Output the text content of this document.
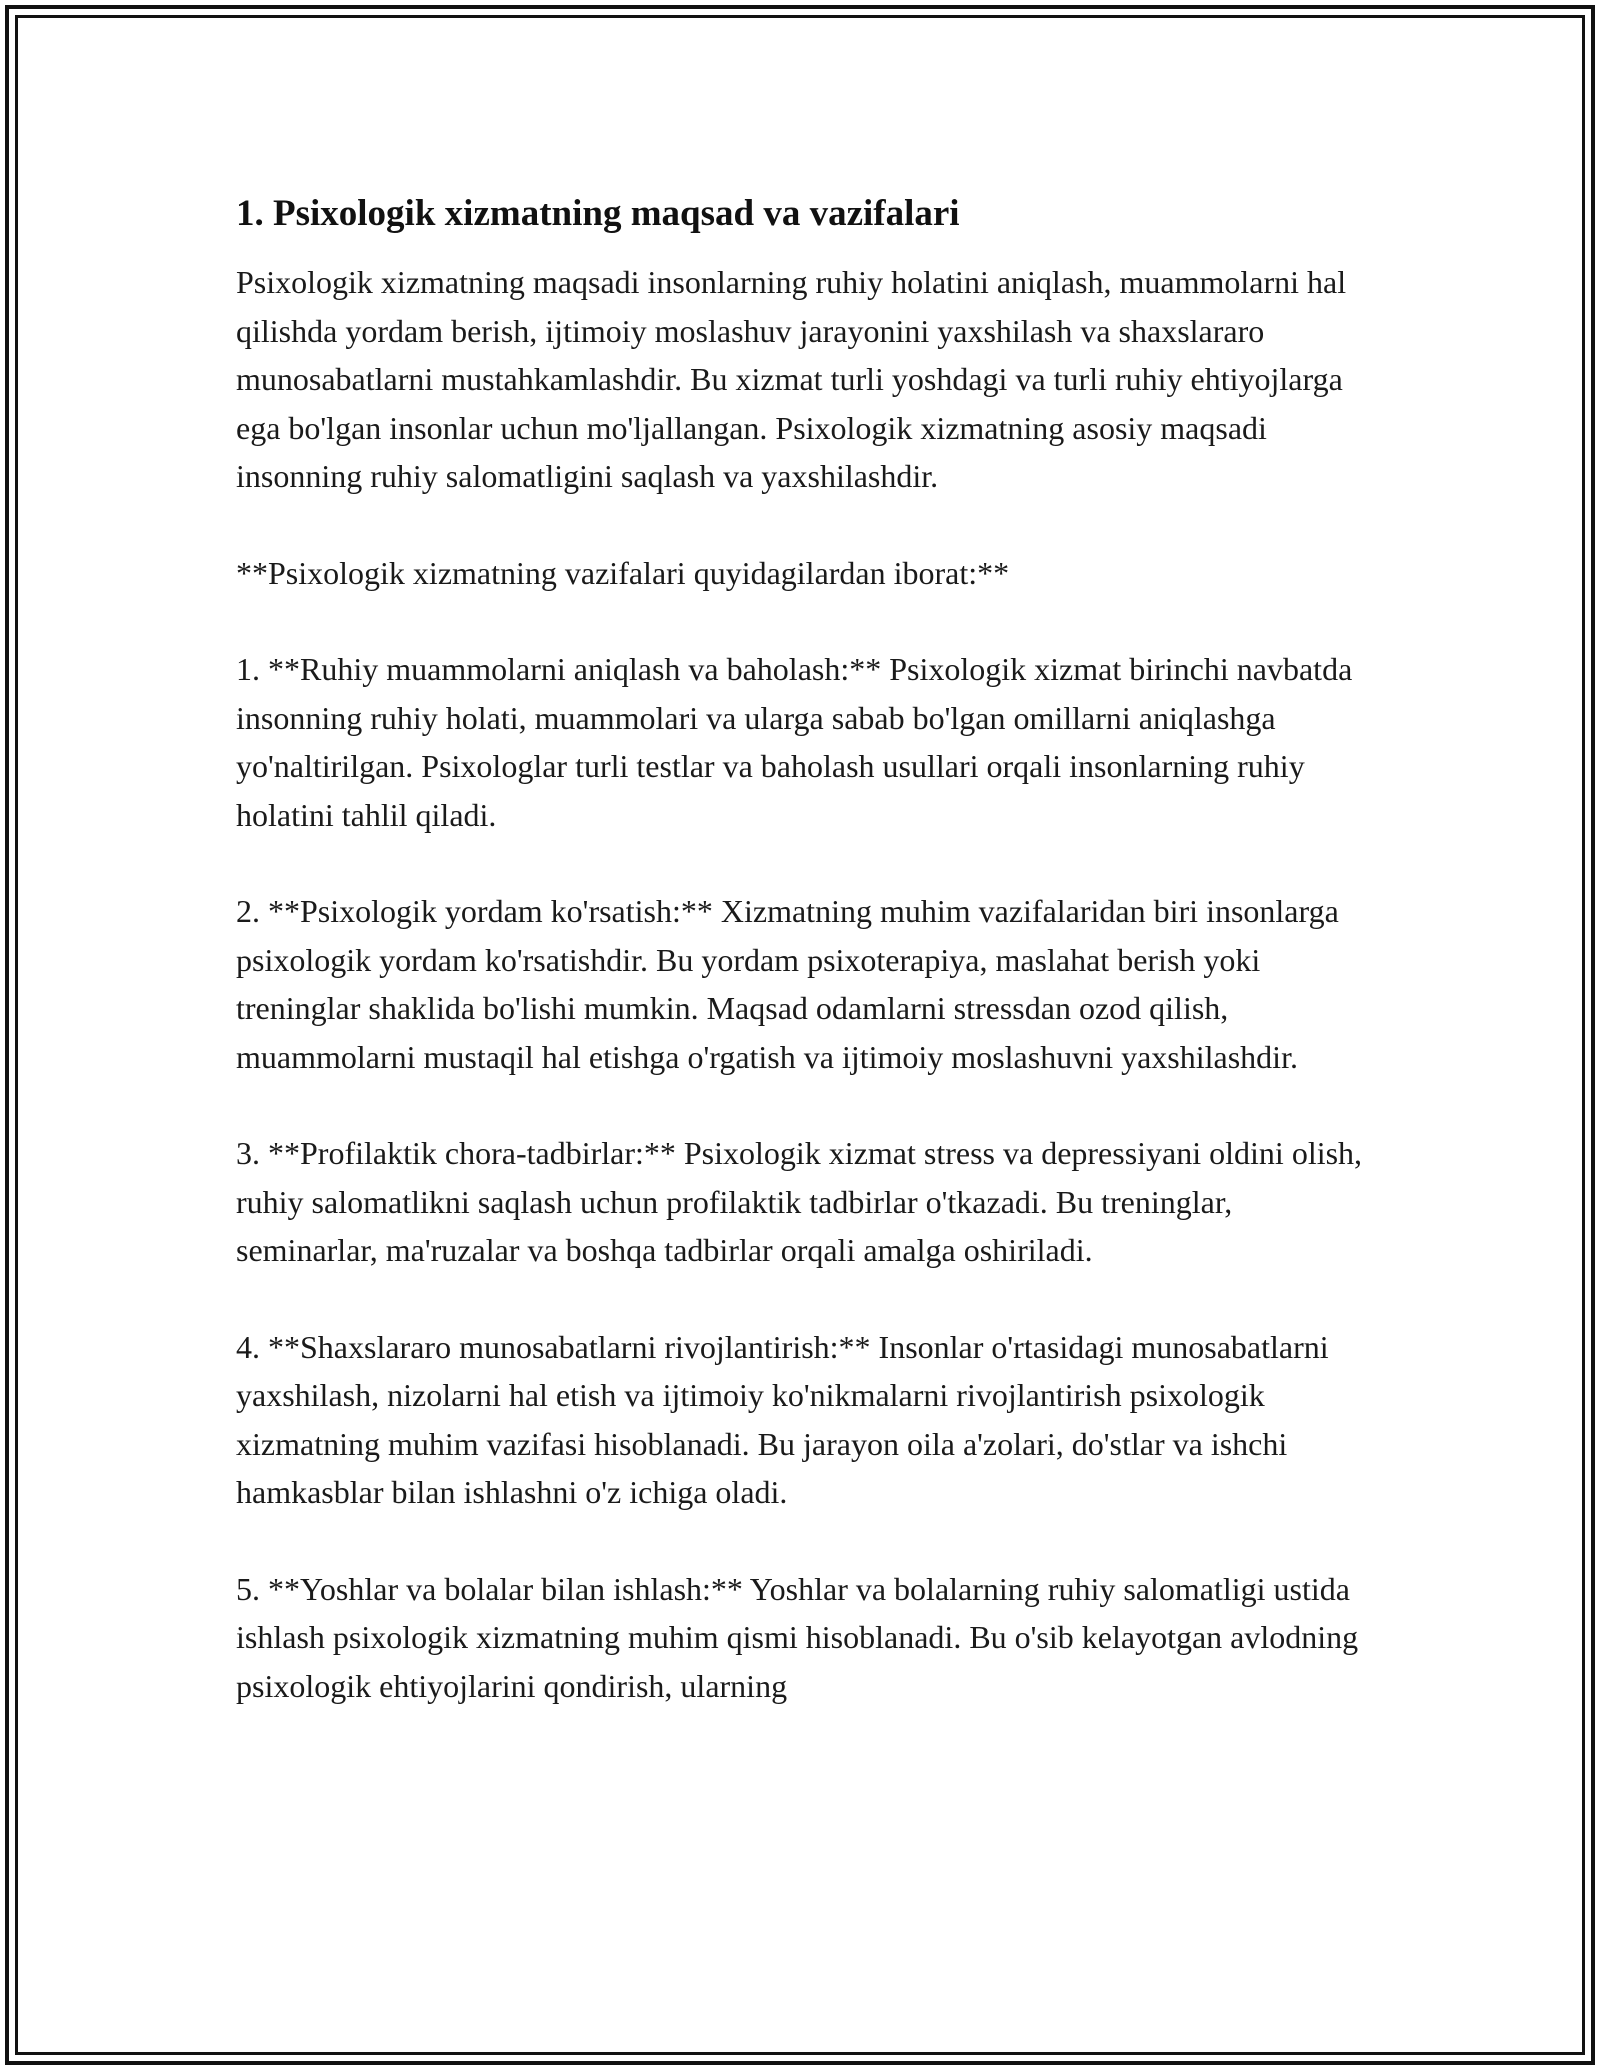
1. Psixologik xizmatning maqsad va vazifalari

Psixologik xizmatning maqsadi insonlarning ruhiy holatini aniqlash, muammolarni hal qilishda yordam berish, ijtimoiy moslashuv jarayonini yaxshilash va shaxslararo munosabatlarni mustahkamlashdir. Bu xizmat turli yoshdagi va turli ruhiy ehtiyojlarga ega bo'lgan insonlar uchun mo'ljallangan. Psixologik xizmatning asosiy maqsadi insonning ruhiy salomatligini saqlash va yaxshilashdir.

**Psixologik xizmatning vazifalari quyidagilardan iborat:**

1. **Ruhiy muammolarni aniqlash va baholash:** Psixologik xizmat birinchi navbatda insonning ruhiy holati, muammolari va ularga sabab bo'lgan omillarni aniqlashga yo'naltirilgan. Psixologlar turli testlar va baholash usullari orqali insonlarning ruhiy holatini tahlil qiladi.

2. **Psixologik yordam ko'rsatish:** Xizmatning muhim vazifalaridan biri insonlarga psixologik yordam ko'rsatishdir. Bu yordam psixoterapiya, maslahat berish yoki treninglar shaklida bo'lishi mumkin. Maqsad odamlarni stressdan ozod qilish, muammolarni mustaqil hal etishga o'rgatish va ijtimoiy moslashuvni yaxshilashdir.

3. **Profilaktik chora-tadbirlar:** Psixologik xizmat stress va depressiyani oldini olish, ruhiy salomatlikni saqlash uchun profilaktik tadbirlar o'tkazadi. Bu treninglar, seminarlar, ma'ruzalar va boshqa tadbirlar orqali amalga oshiriladi.

4. **Shaxslararo munosabatlarni rivojlantirish:** Insonlar o'rtasidagi munosabatlarni yaxshilash, nizolarni hal etish va ijtimoiy ko'nikmalarni rivojlantirish psixologik xizmatning muhim vazifasi hisoblanadi. Bu jarayon oila a'zolari, do'stlar va ishchi hamkasblar bilan ishlashni o'z ichiga oladi.

5. **Yoshlar va bolalar bilan ishlash:** Yoshlar va bolalarning ruhiy salomatligi ustida ishlash psixologik xizmatning muhim qismi hisoblanadi. Bu o'sib kelayotgan avlodning psixologik ehtiyojlarini qondirish, ularning
